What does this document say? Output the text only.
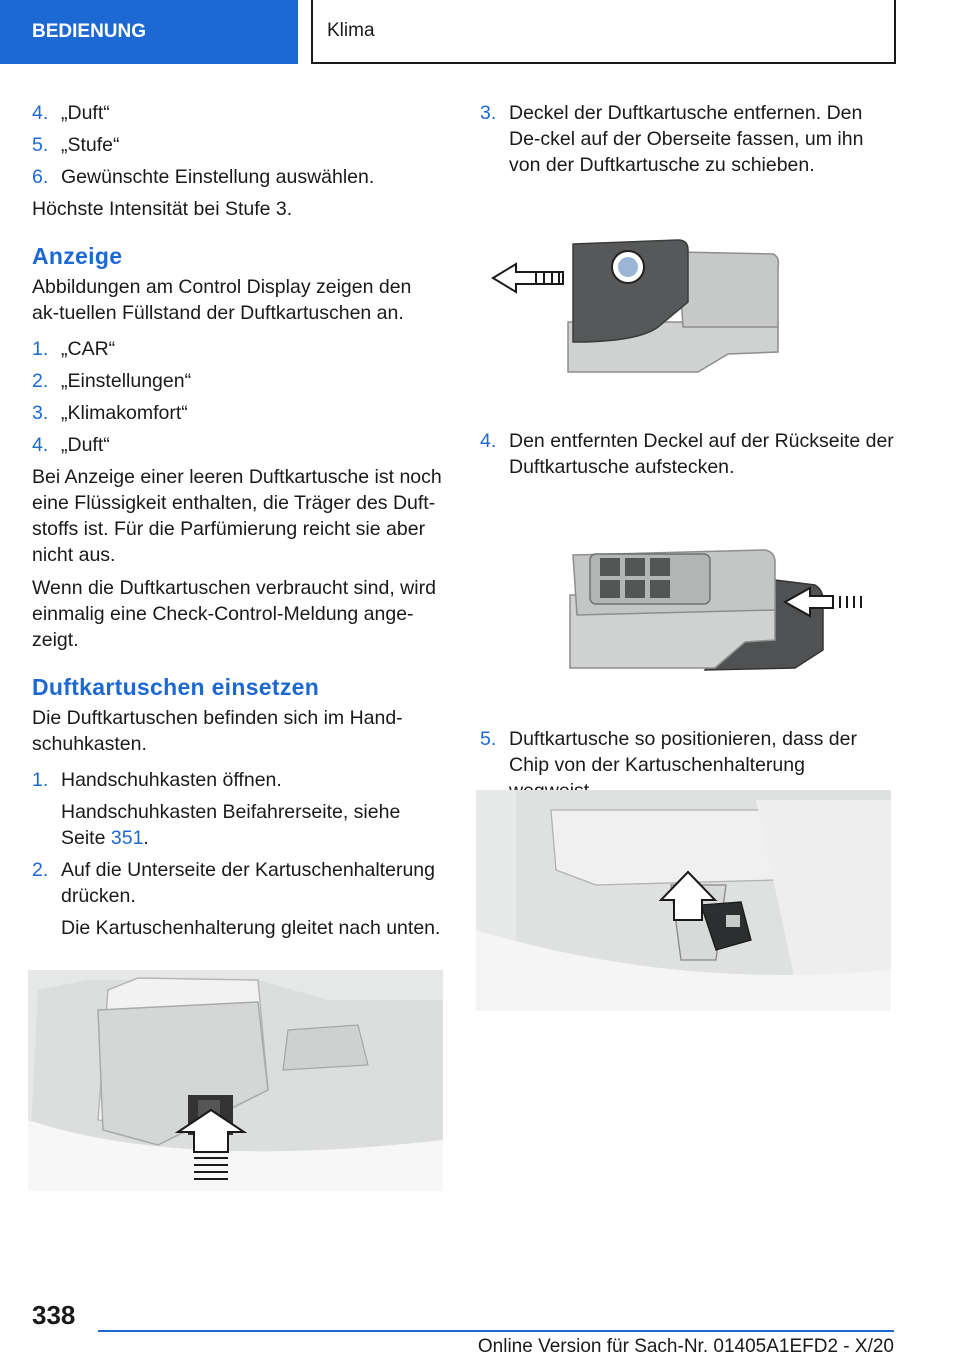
BEDIENUNG	Klima
4. „Duft“
5. „Stufe“
6. Gewünschte Einstellung auswählen.

Höchste Intensität bei Stufe 3.

Anzeige

Abbildungen am Control Display zeigen den ak-tuellen Füllstand der Duftkartuschen an.

1. „CAR“
2. „Einstellungen“
3. „Klimakomfort“
4. „Duft“

Bei Anzeige einer leeren Duftkartusche ist noch eine Flüssigkeit enthalten, die Träger des Duft-stoffs ist. Für die Parfümierung reicht sie aber nicht aus.

Wenn die Duftkartuschen verbraucht sind, wird einmalig eine Check-Control-Meldung ange-zeigt.

Duftkartuschen einsetzen

Die Duftkartuschen befinden sich im Hand-schuhkasten.

1. Handschuhkasten öffnen.
Handschuhkasten Beifahrerseite, siehe Seite 351.
2. Auf die Unterseite der Kartuschenhalterung drücken.
Die Kartuschenhalterung gleitet nach unten.
3. Deckel der Duftkartusche entfernen. Den De-ckel auf der Oberseite fassen, um ihn von der Duftkartusche zu schieben.
4. Den entfernten Deckel auf der Rückseite der Duftkartusche aufstecken.
5. Duftkartusche so positionieren, dass der Chip von der Kartuschenhalterung
338
Online Version für Sach-Nr. 01405A1EFD2 - X/20
